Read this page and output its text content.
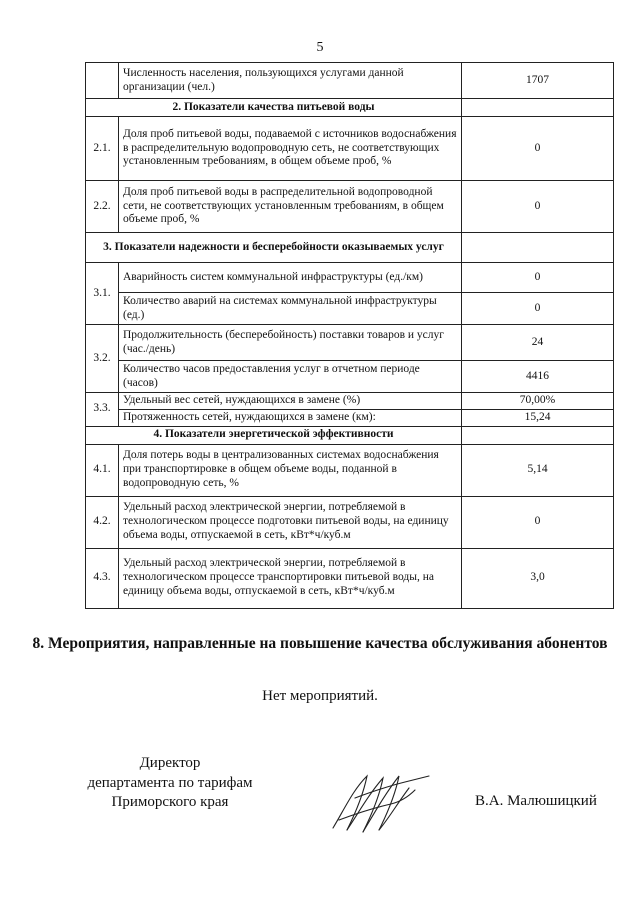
5
	Численность населения, пользующихся услугами данной организации (чел.)	1707
2. Показатели качества питьевой воды		
2.1.	Доля проб питьевой воды, подаваемой с источников водоснабжения в распределительную водопроводную сеть, не соответствующих установленным требованиям, в общем объеме проб, %	0
2.2.	Доля проб питьевой воды в распределительной водопроводной сети, не соответствующих установленным требованиям, в общем объеме проб, %	0
3. Показатели надежности и бесперебойности оказываемых услуг		
3.1.	Аварийность систем коммунальной инфраструктуры (ед./км)	0
	Количество аварий на системах коммунальной инфраструктуры (ед.)	0
3.2.	Продолжительность (бесперебойность) поставки товаров и услуг (час./день)	24
	Количество часов предоставления услуг в отчетном периоде (часов)	4416
3.3.	Удельный вес сетей, нуждающихся в замене (%)	70,00%
	Протяженность сетей, нуждающихся в замене (км):	15,24
4. Показатели энергетической эффективности		
4.1.	Доля потерь воды в централизованных системах водоснабжения при транспортировке в общем объеме воды, поданной в водопроводную сеть, %	5,14
4.2.	Удельный расход электрической энергии, потребляемой в технологическом процессе подготовки питьевой воды, на единицу объема воды, отпускаемой в сеть, кВт*ч/куб.м	0
4.3.	Удельный расход электрической энергии, потребляемой в технологическом процессе транспортировки питьевой воды, на единицу объема воды, отпускаемой в сеть, кВт*ч/куб.м	3,0
8. Мероприятия, направленные на повышение качества обслуживания абонентов
Нет мероприятий.
Директор
департамента по тарифам
Приморского края	В.А. Малюшицкий
